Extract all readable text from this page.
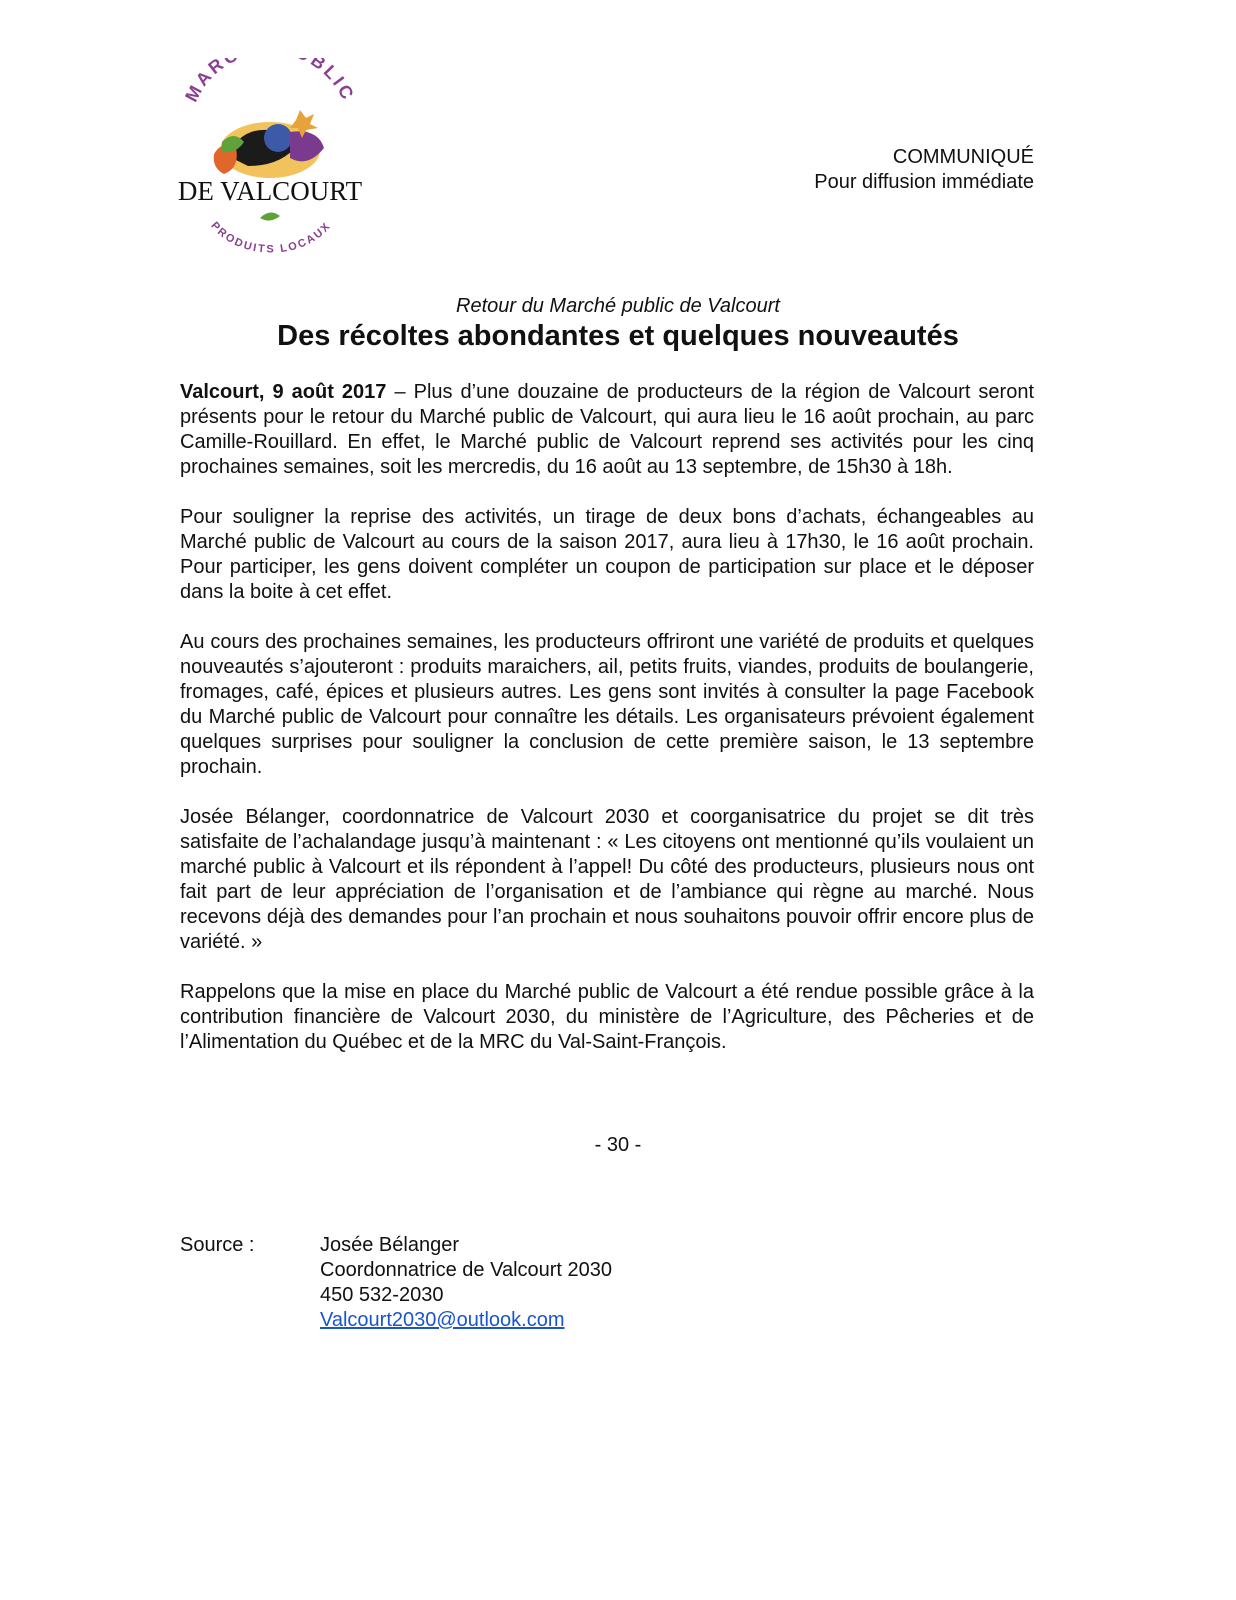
MAR BLIC
DE VALCOURT
PRODUITS LOCAUX
COMMUNIQUÉ
Pour diffusion immédiate
Retour du Marché public de Valcourt
Des récoltes abondantes et quelques nouveautés

Valcourt, 9 août 2017 – Plus d’une douzaine de producteurs de la région de Valcourt seront présents pour le retour du Marché public de Valcourt, qui aura lieu le 16 août prochain, au parc Camille-Rouillard. En effet, le Marché public de Valcourt reprend ses activités pour les cinq prochaines semaines, soit les mercredis, du 16 août au 13 septembre, de 15h30 à 18h.

Pour souligner la reprise des activités, un tirage de deux bons d’achats, échangeables au Marché public de Valcourt au cours de la saison 2017, aura lieu à 17h30, le 16 août prochain. Pour participer, les gens doivent compléter un coupon de participation sur place et le déposer dans la boite à cet effet.

Au cours des prochaines semaines, les producteurs offriront une variété de produits et quelques nouveautés s’ajouteront : produits maraichers, ail, petits fruits, viandes, produits de boulangerie, fromages, café, épices et plusieurs autres. Les gens sont invités à consulter la page Facebook du Marché public de Valcourt pour connaître les détails. Les organisateurs prévoient également quelques surprises pour souligner la conclusion de cette première saison, le 13 septembre prochain.

Josée Bélanger, coordonnatrice de Valcourt 2030 et coorganisatrice du projet se dit très satisfaite de l’achalandage jusqu’à maintenant : « Les citoyens ont mentionné qu’ils voulaient un marché public à Valcourt et ils répondent à l’appel! Du côté des producteurs, plusieurs nous ont fait part de leur appréciation de l’organisation et de l’ambiance qui règne au marché. Nous recevons déjà des demandes pour l’an prochain et nous souhaitons pouvoir offrir encore plus de variété. »

Rappelons que la mise en place du Marché public de Valcourt a été rendue possible grâce à la contribution financière de Valcourt 2030, du ministère de l’Agriculture, des Pêcheries et de l’Alimentation du Québec et de la MRC du Val-Saint-François.

- 30 -
Source :	Josée Bélanger
Coordonnatrice de Valcourt 2030
450 532-2030
Valcourt2030@outlook.com
